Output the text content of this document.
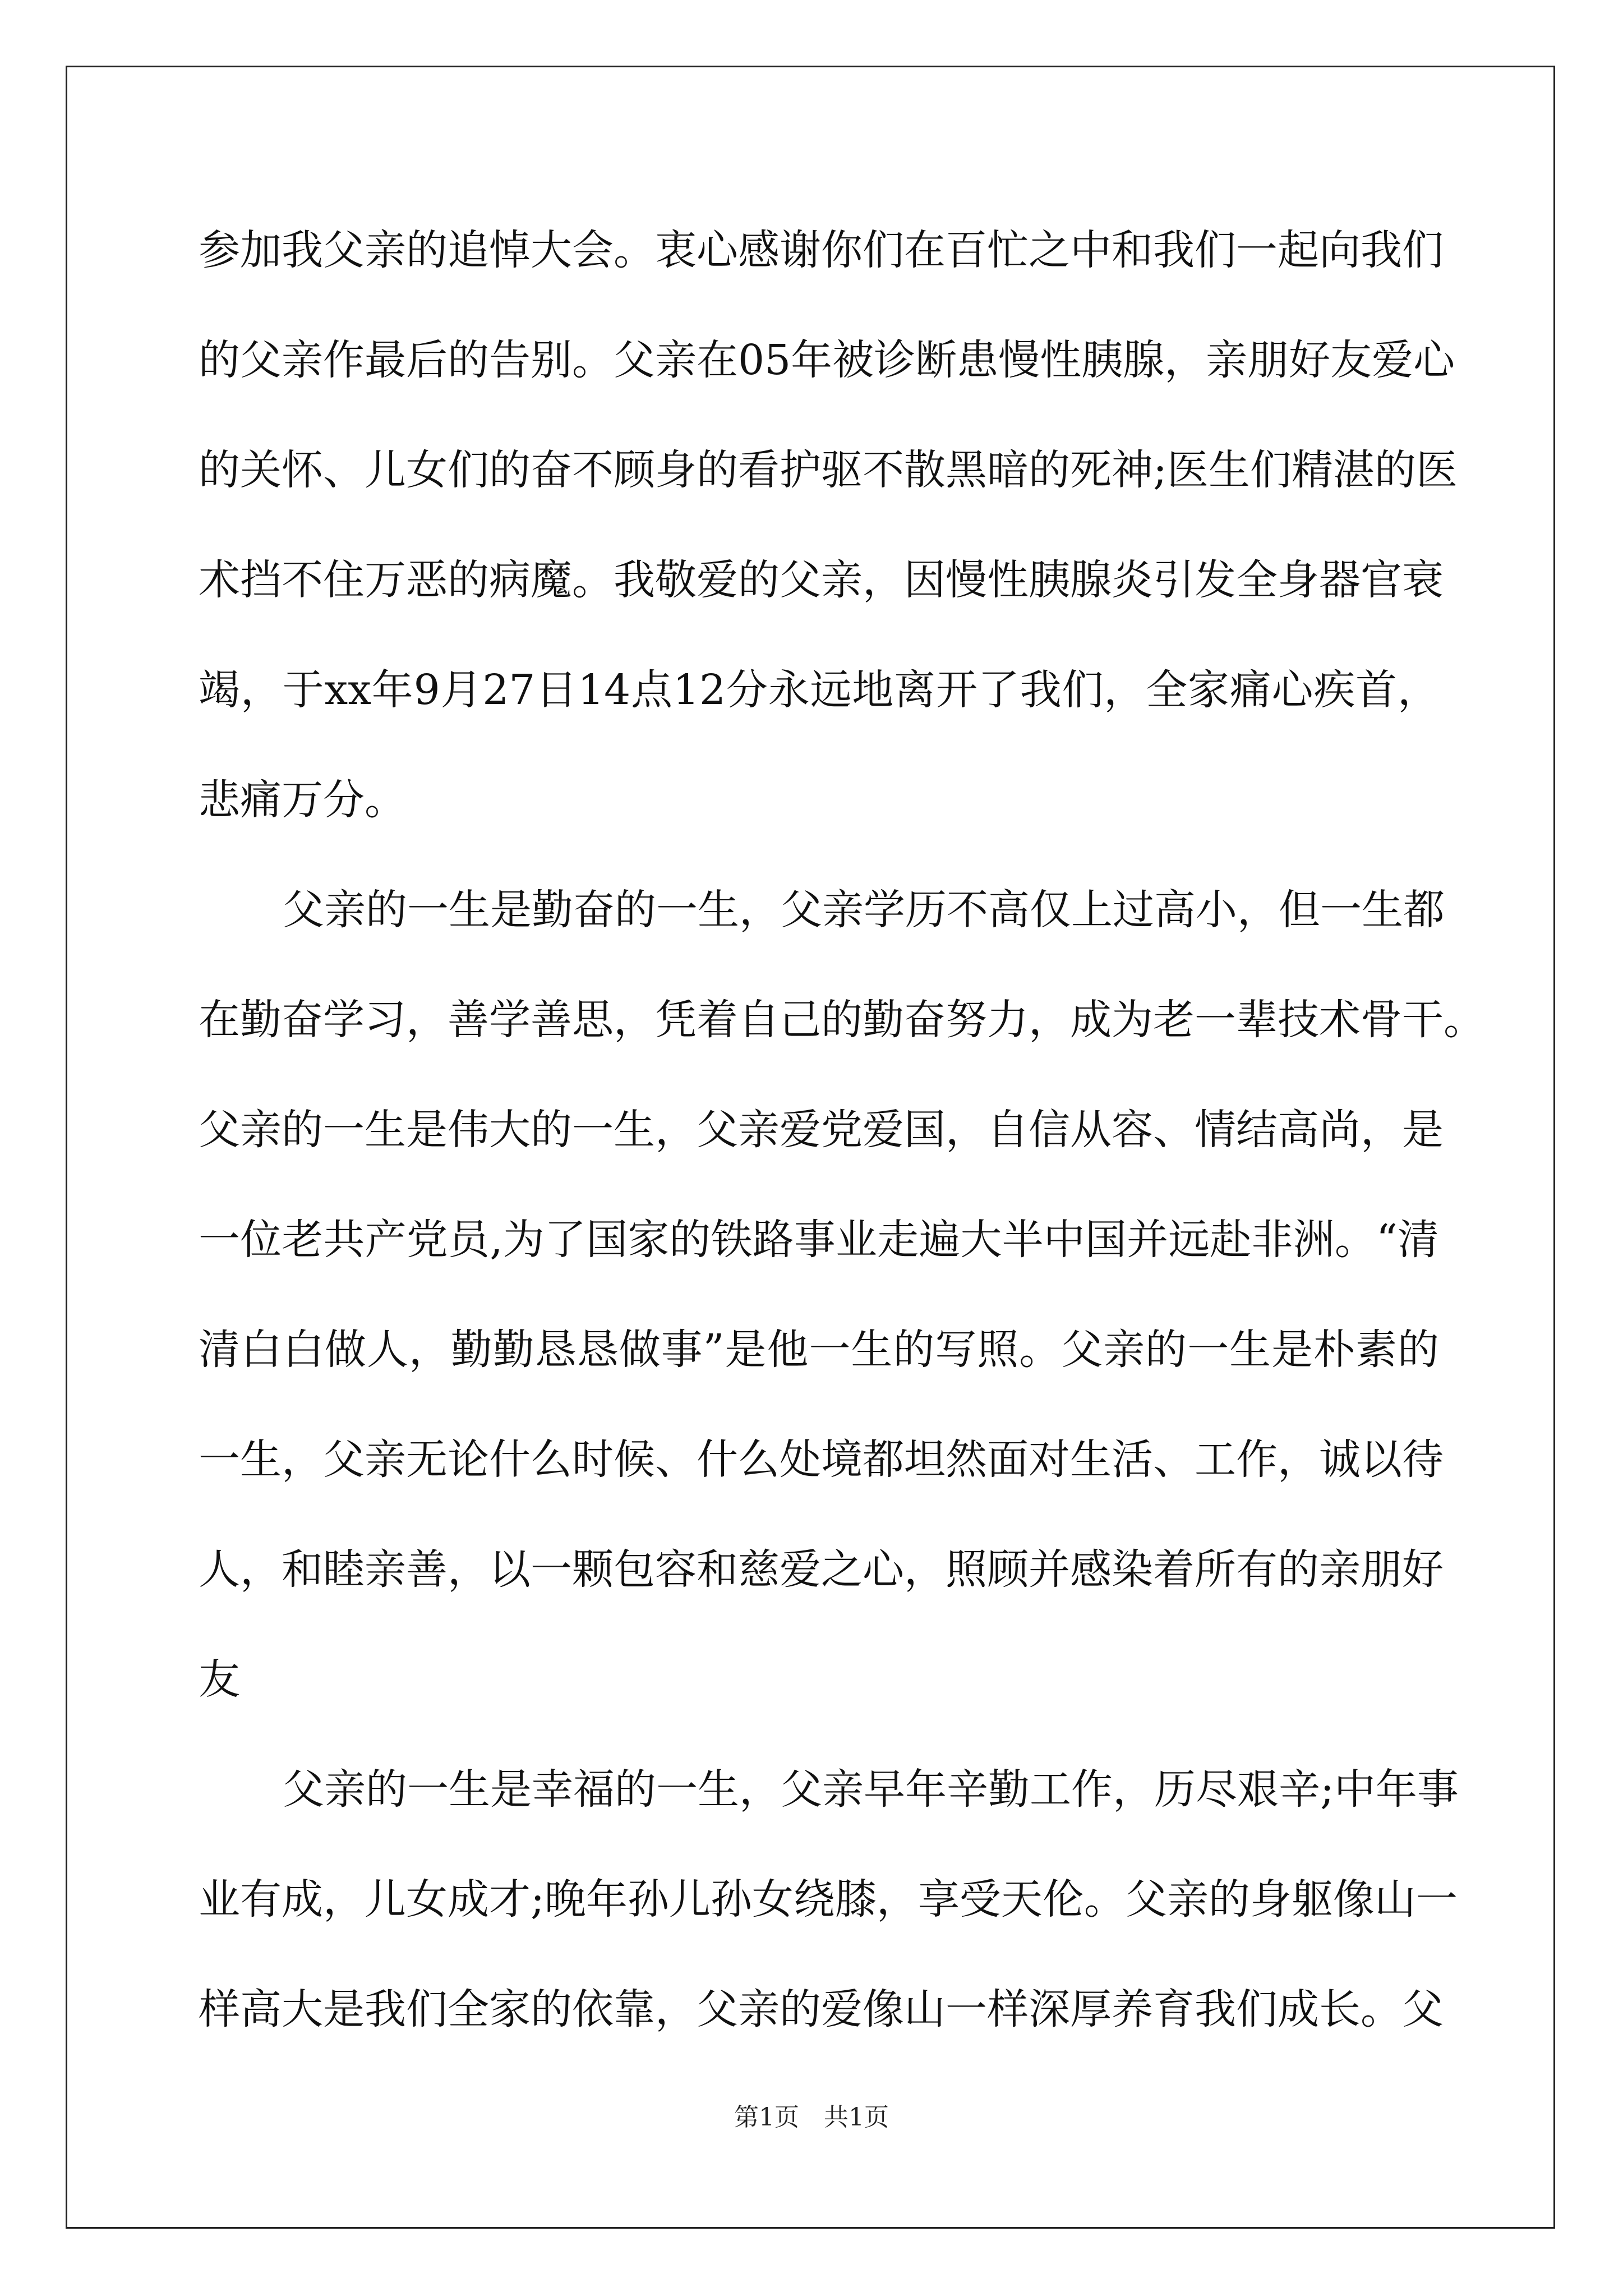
参加我父亲的追悼大会。衷心感谢你们在百忙之中和我们一起向我们
的父亲作最后的告别。父亲在05年被诊断患慢性胰腺，亲朋好友爱心
的关怀、儿女们的奋不顾身的看护驱不散黑暗的死神;医生们精湛的医
术挡不住万恶的病魔。我敬爱的父亲，因慢性胰腺炎引发全身器官衰
竭，于xx年9月27日14点12分永远地离开了我们，全家痛心疾首，
悲痛万分。
父亲的一生是勤奋的一生，父亲学历不高仅上过高小，但一生都
在勤奋学习，善学善思，凭着自己的勤奋努力，成为老一辈技术骨干。
父亲的一生是伟大的一生，父亲爱党爱国，自信从容、情结高尚，是
一位老共产党员,为了国家的铁路事业走遍大半中国并远赴非洲。“清
清白白做人，勤勤恳恳做事”是他一生的写照。父亲的一生是朴素的
一生，父亲无论什么时候、什么处境都坦然面对生活、工作，诚以待
人，和睦亲善，以一颗包容和慈爱之心，照顾并感染着所有的亲朋好
友
父亲的一生是幸福的一生，父亲早年辛勤工作，历尽艰辛;中年事
业有成，儿女成才;晚年孙儿孙女绕膝，享受天伦。父亲的身躯像山一
样高大是我们全家的依靠，父亲的爱像山一样深厚养育我们成长。父
第1页　共1页
